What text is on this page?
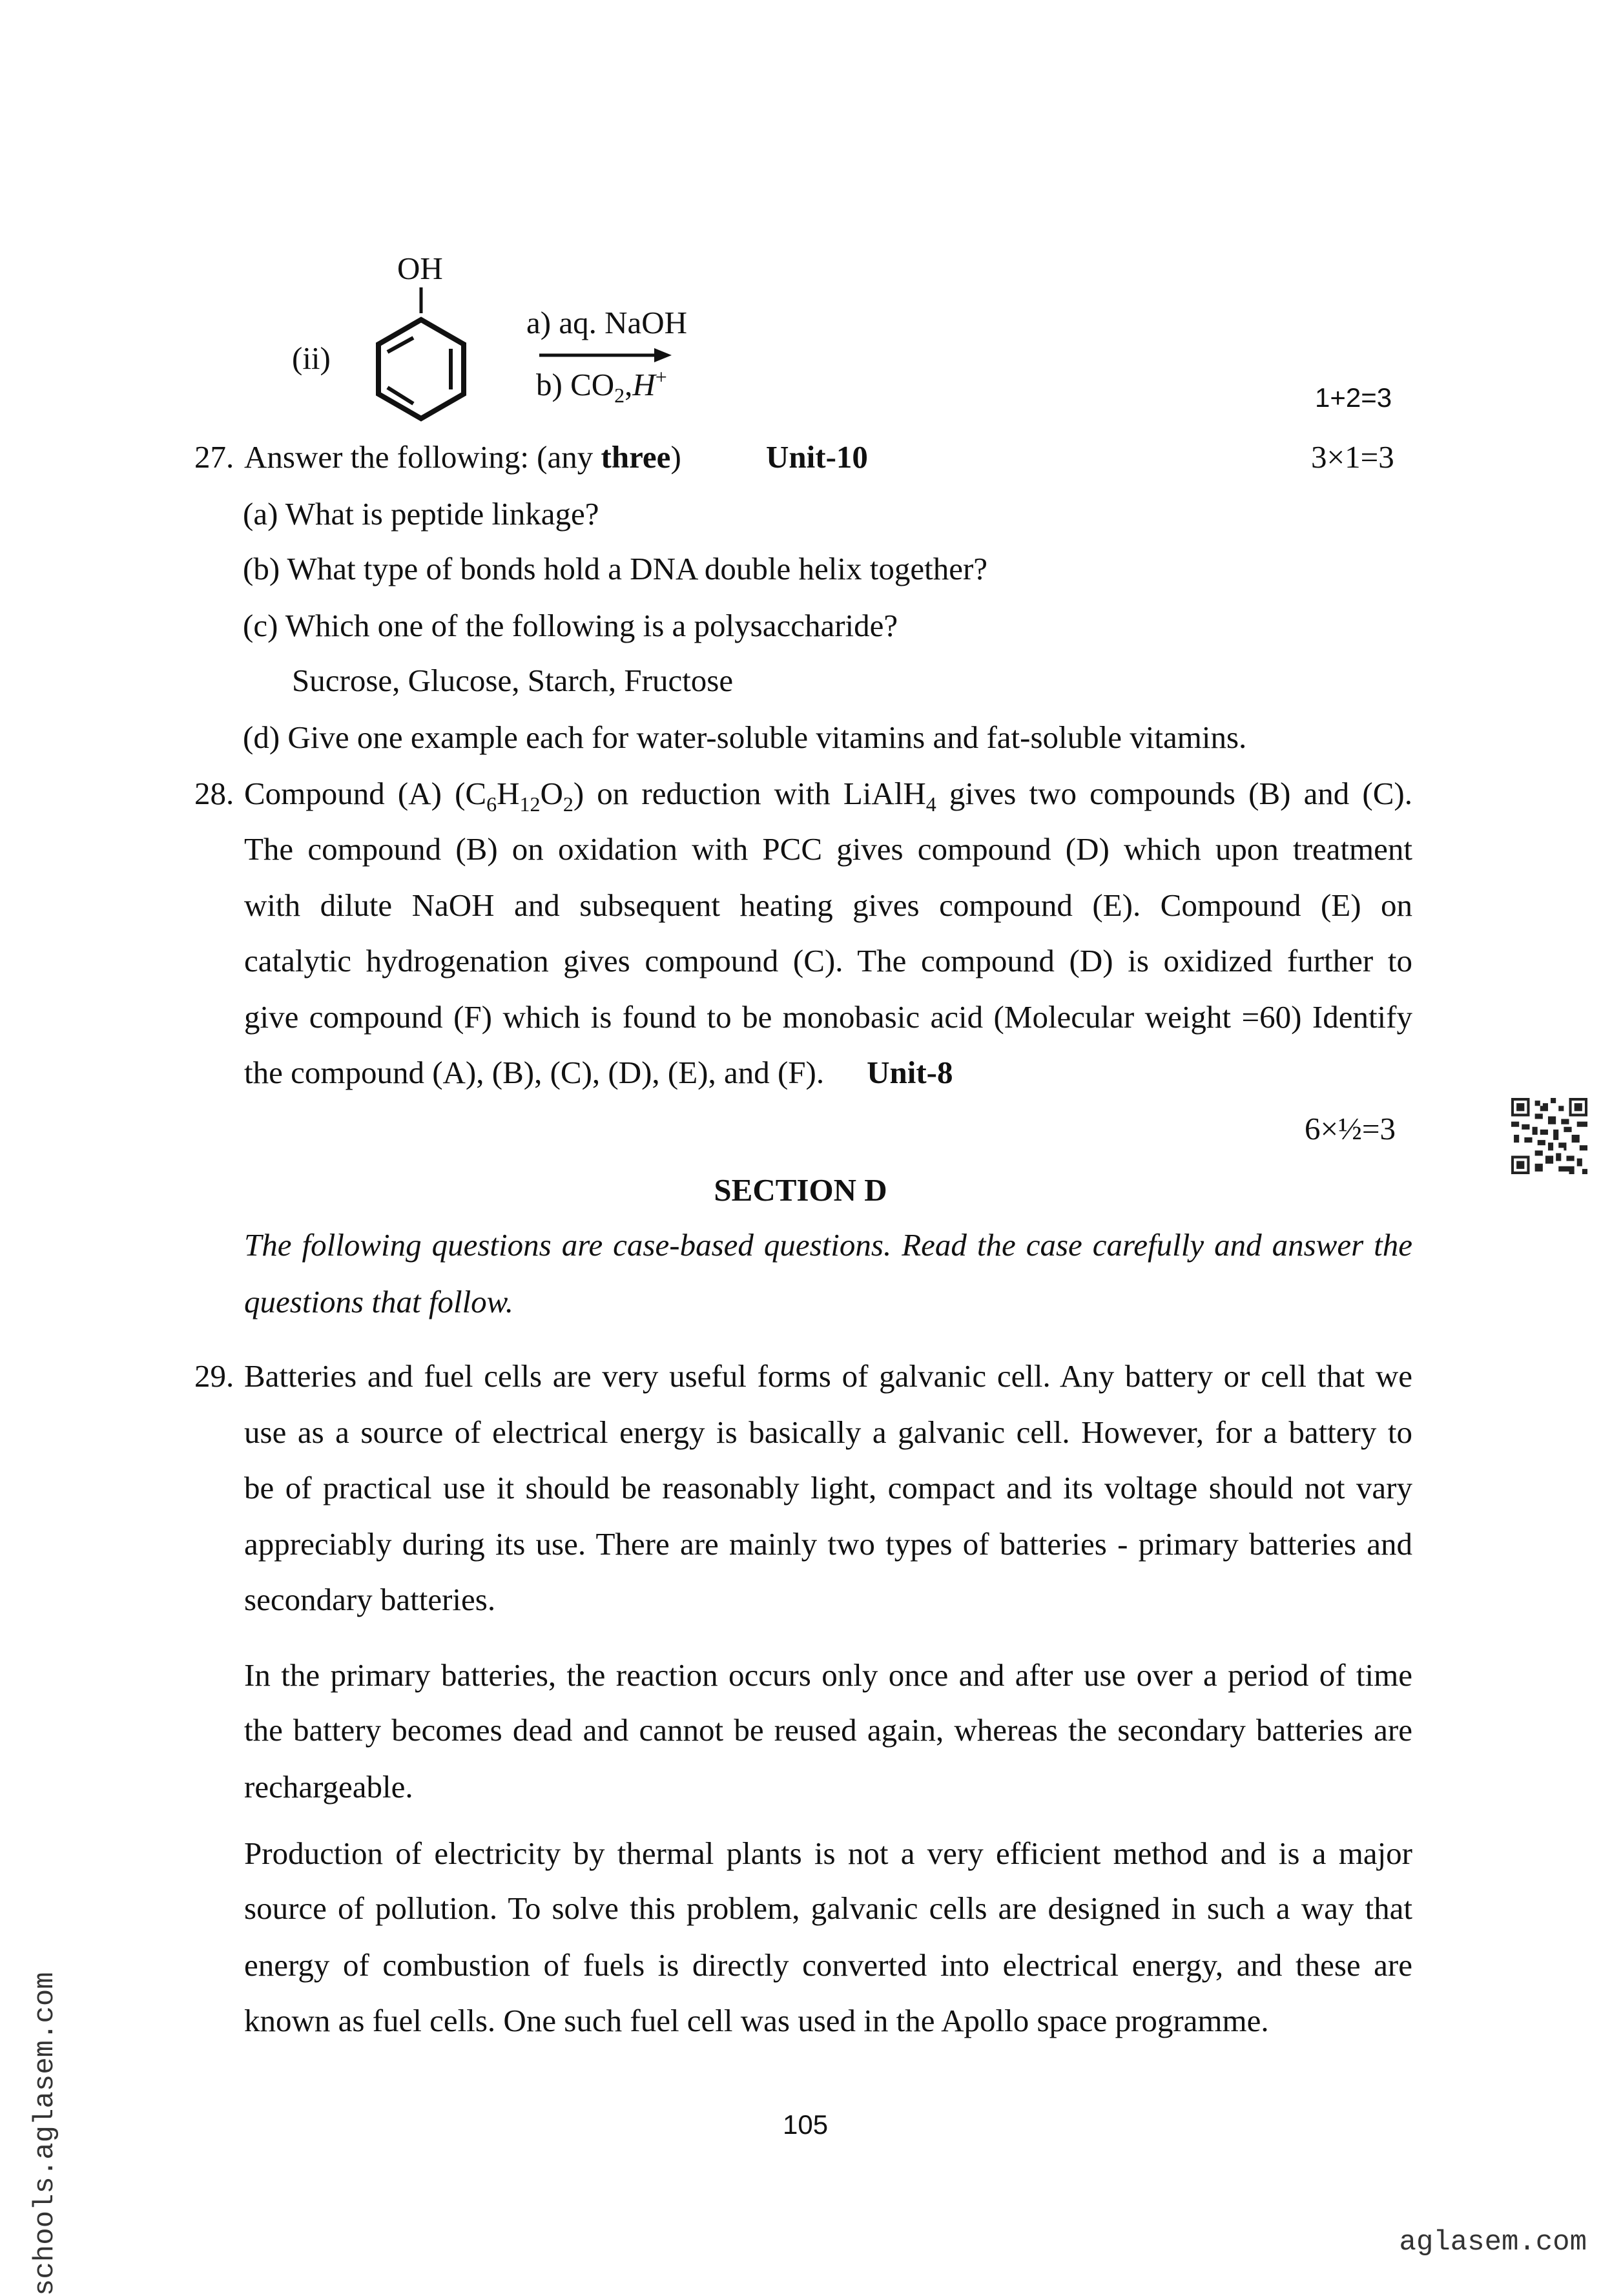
OH
(ii)
a) aq. NaOH
b) $CO_2,H^+$
1+2=3
27. Answer the following: (any three)	Unit-10	3×1=3
(a) What is peptide linkage?
(b) What type of bonds hold a DNA double helix together?
(c) Which one of the following is a polysaccharide?
Sucrose, Glucose, Starch, Fructose
(d) Give one example each for water-soluble vitamins and fat-soluble vitamins.
28. Compound (A) $(C_6H_{12}O_2)$ on reduction with LiAlH$_4$ gives two compounds (B) and (C).
The compound (B) on oxidation with PCC gives compound (D) which upon treatment
with dilute NaOH and subsequent heating gives compound (E). Compound (E) on
catalytic hydrogenation gives compound (C). The compound (D) is oxidized further to
give compound (F) which is found to be monobasic acid (Molecular weight =60) Identify
the compound (A), (B), (C), (D), (E), and (F). Unit-8
6×½=3
SECTION D
The following questions are case-based questions. Read the case carefully and answer the
questions that follow.
29. Batteries and fuel cells are very useful forms of galvanic cell. Any battery or cell that we
use as a source of electrical energy is basically a galvanic cell. However, for a battery to
be of practical use it should be reasonably light, compact and its voltage should not vary
appreciably during its use. There are mainly two types of batteries - primary batteries and
secondary batteries.
In the primary batteries, the reaction occurs only once and after use over a period of time
the battery becomes dead and cannot be reused again, whereas the secondary batteries are
rechargeable.
Production of electricity by thermal plants is not a very efficient method and is a major
source of pollution. To solve this problem, galvanic cells are designed in such a way that
energy of combustion of fuels is directly converted into electrical energy, and these are
known as fuel cells. One such fuel cell was used in the Apollo space programme.
105
aglasem.com
schools.aglasem.com
